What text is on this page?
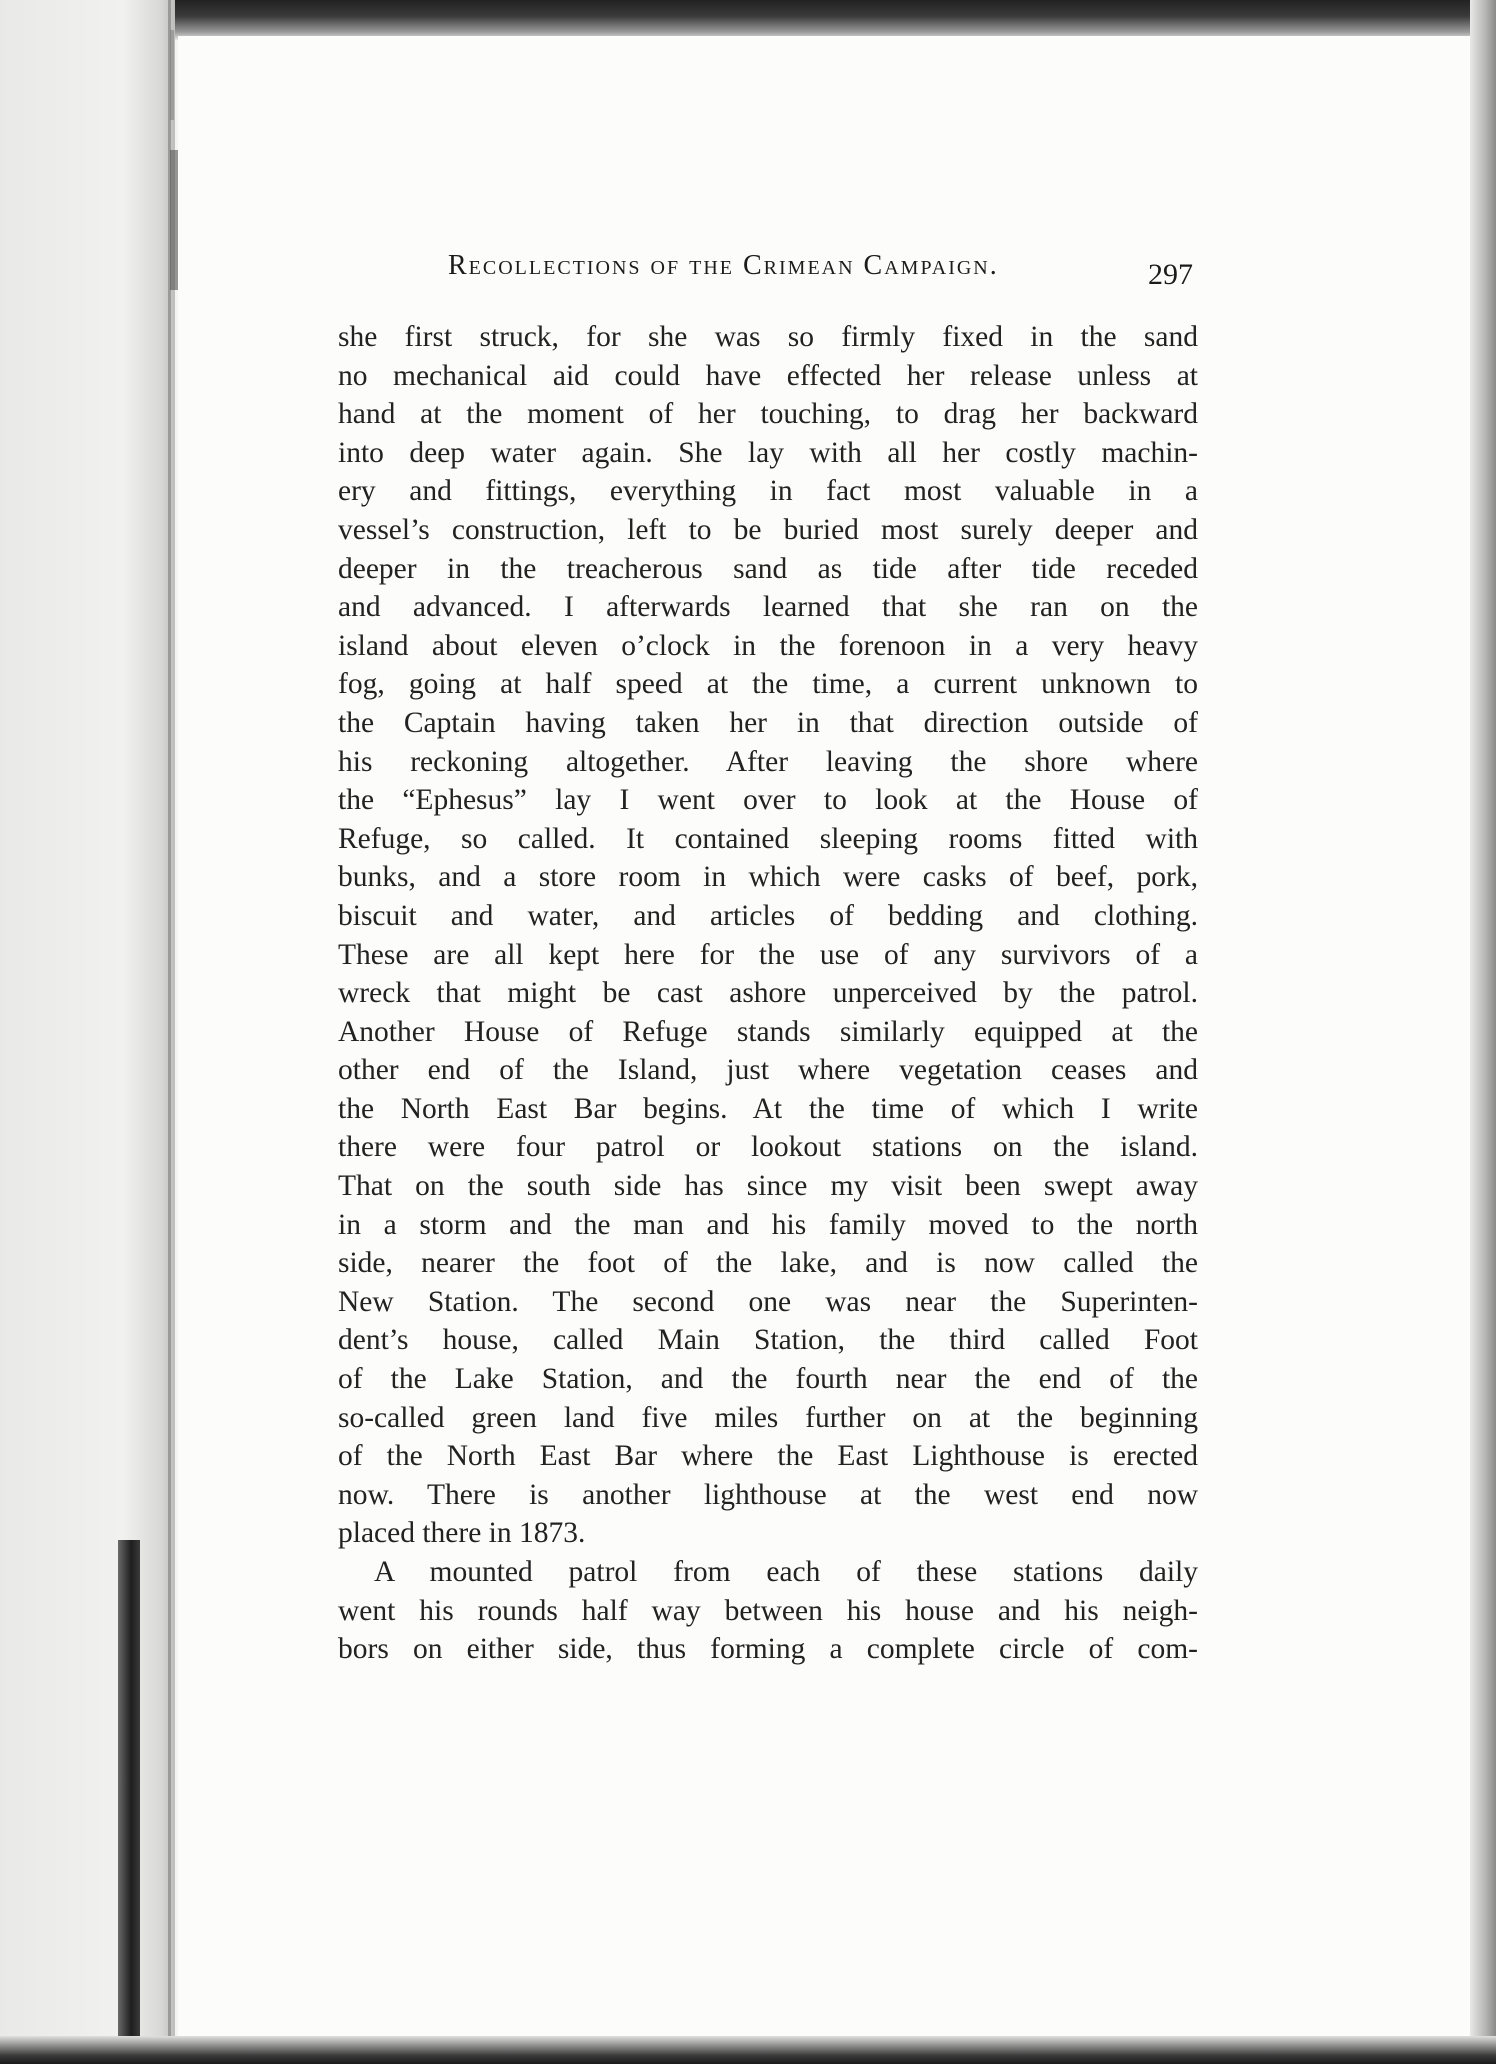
Recollections of the Crimean Campaign.	297
she first struck, for she was so firmly fixed in the sand
no mechanical aid could have effected her release unless at
hand at the moment of her touching, to drag her backward
into deep water again. She lay with all her costly machin-
ery and fittings, everything in fact most valuable in a
vessel’s construction, left to be buried most surely deeper and
deeper in the treacherous sand as tide after tide receded
and advanced. I afterwards learned that she ran on the
island about eleven o’clock in the forenoon in a very heavy
fog, going at half speed at the time, a current unknown to
the Captain having taken her in that direction outside of
his reckoning altogether. After leaving the shore where
the “Ephesus” lay I went over to look at the House of
Refuge, so called. It contained sleeping rooms fitted with
bunks, and a store room in which were casks of beef, pork,
biscuit and water, and articles of bedding and clothing.
These are all kept here for the use of any survivors of a
wreck that might be cast ashore unperceived by the patrol.
Another House of Refuge stands similarly equipped at the
other end of the Island, just where vegetation ceases and
the North East Bar begins. At the time of which I write
there were four patrol or lookout stations on the island.
That on the south side has since my visit been swept away
in a storm and the man and his family moved to the north
side, nearer the foot of the lake, and is now called the
New Station. The second one was near the Superinten-
dent’s house, called Main Station, the third called Foot
of the Lake Station, and the fourth near the end of the
so-called green land five miles further on at the beginning
of the North East Bar where the East Lighthouse is erected
now. There is another lighthouse at the west end now
placed there in 1873.
A mounted patrol from each of these stations daily
went his rounds half way between his house and his neigh-
bors on either side, thus forming a complete circle of com-
